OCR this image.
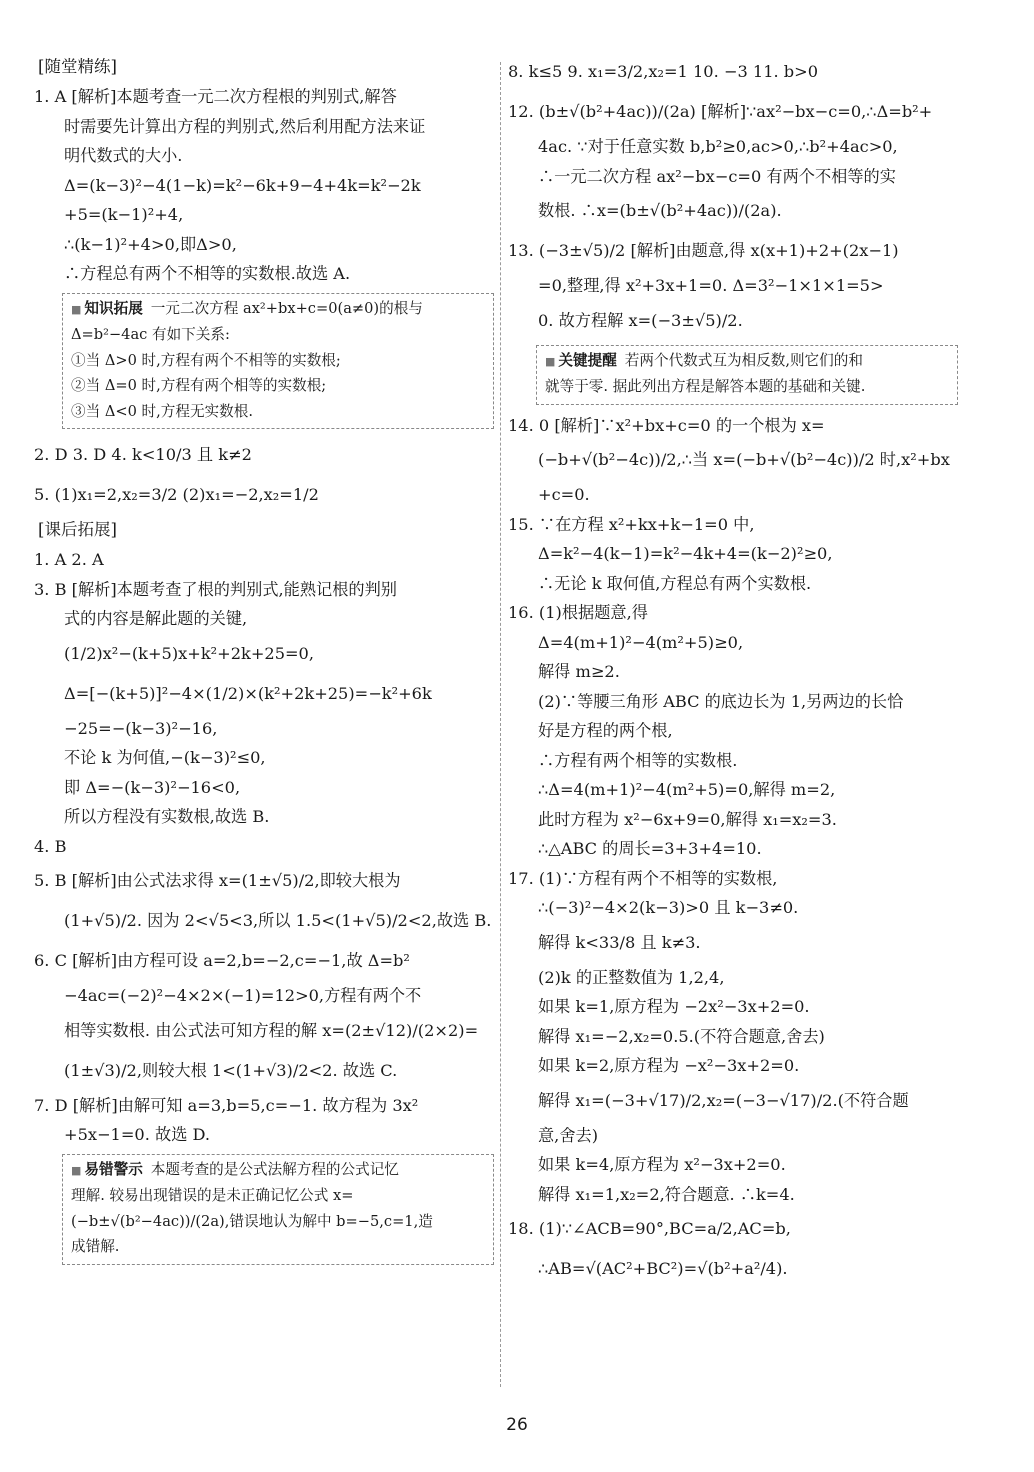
[ 随堂精练 ]

1. A [解析]本题考查一元二次方程根的判别式,解答

时需要先计算出方程的判别式,然后利用配方法来证

明代数式的大小.

Δ=(k−3)²−4(1−k)=k²−6k+9−4+4k=k²−2k

+5=(k−1)²+4,

∴(k−1)²+4>0,即Δ>0,

∴方程总有两个不相等的实数根.故选 A.

■ 知识拓展 一元二次方程 ax²+bx+c=0(a≠0)的根与

Δ=b²−4ac 有如下关系:

①当 Δ>0 时,方程有两个不相等的实数根;

②当 Δ=0 时,方程有两个相等的实数根;

③当 Δ<0 时,方程无实数根.

2. D 3. D 4. k<10/3 且 k≠2

5. (1)x₁=2,x₂=3/2 (2)x₁=−2,x₂=1/2

[ 课后拓展 ]

1. A 2. A

3. B [解析]本题考查了根的判别式,能熟记根的判别

式的内容是解此题的关键,

(1/2)x²−(k+5)x+k²+2k+25=0,

Δ=[−(k+5)]²−4×(1/2)×(k²+2k+25)=−k²+6k

−25=−(k−3)²−16,

不论 k 为何值,−(k−3)²≤0,

即 Δ=−(k−3)²−16<0,

所以方程没有实数根,故选 B.

4. B

5. B [解析]由公式法求得 x=(1±√5)/2,即较大根为

(1+√5)/2. 因为 2<√5<3,所以 1.5<(1+√5)/2<2,故选 B.

6. C [解析]由方程可设 a=2,b=−2,c=−1,故 Δ=b²

−4ac=(−2)²−4×2×(−1)=12>0,方程有两个不

相等实数根. 由公式法可知方程的解 x=(2±√12)/(2×2)=

(1±√3)/2,则较大根 1<(1+√3)/2<2. 故选 C.

7. D [解析]由解可知 a=3,b=5,c=−1. 故方程为 3x²

+5x−1=0. 故选 D.

■ 易错警示 本题考查的是公式法解方程的公式记忆

理解. 较易出现错误的是未正确记忆公式 x=

(−b±√(b²−4ac))/(2a),错误地认为解中 b=−5,c=1,造

成错解.

8. k≤5 9. x₁=3/2,x₂=1 10. −3 11. b>0

12. (b±√(b²+4ac))/(2a) [解析]∵ax²−bx−c=0,∴Δ=b²+

4ac. ∵对于任意实数 b,b²≥0,ac>0,∴b²+4ac>0,

∴一元二次方程 ax²−bx−c=0 有两个不相等的实

数根. ∴x=(b±√(b²+4ac))/(2a).

13. (−3±√5)/2 [解析]由题意,得 x(x+1)+2+(2x−1)

=0,整理,得 x²+3x+1=0. Δ=3²−1×1×1=5>

0. 故方程解 x=(−3±√5)/2.

■ 关键提醒 若两个代数式互为相反数,则它们的和

就等于零. 据此列出方程是解答本题的基础和关键.

14. 0 [解析]∵x²+bx+c=0 的一个根为 x=

(−b+√(b²−4c))/2,∴当 x=(−b+√(b²−4c))/2 时,x²+bx

+c=0.

15. ∵在方程 x²+kx+k−1=0 中,

Δ=k²−4(k−1)=k²−4k+4=(k−2)²≥0,

∴无论 k 取何值,方程总有两个实数根.

16. (1)根据题意,得

Δ=4(m+1)²−4(m²+5)≥0,

解得 m≥2.

(2)∵等腰三角形 ABC 的底边长为 1,另两边的长恰

好是方程的两个根,

∴方程有两个相等的实数根.

∴Δ=4(m+1)²−4(m²+5)=0,解得 m=2,

此时方程为 x²−6x+9=0,解得 x₁=x₂=3.

∴△ABC 的周长=3+3+4=10.

17. (1)∵方程有两个不相等的实数根,

∴(−3)²−4×2(k−3)>0 且 k−3≠0.

解得 k<33/8 且 k≠3.

(2)k 的正整数值为 1,2,4,

如果 k=1,原方程为 −2x²−3x+2=0.

解得 x₁=−2,x₂=0.5.(不符合题意,舍去)

如果 k=2,原方程为 −x²−3x+2=0.

解得 x₁=(−3+√17)/2,x₂=(−3−√17)/2.(不符合题

意,舍去)

如果 k=4,原方程为 x²−3x+2=0.

解得 x₁=1,x₂=2,符合题意. ∴k=4.

18. (1)∵∠ACB=90°,BC=a/2,AC=b,

∴AB=√(AC²+BC²)=√(b²+a²/4).

26
